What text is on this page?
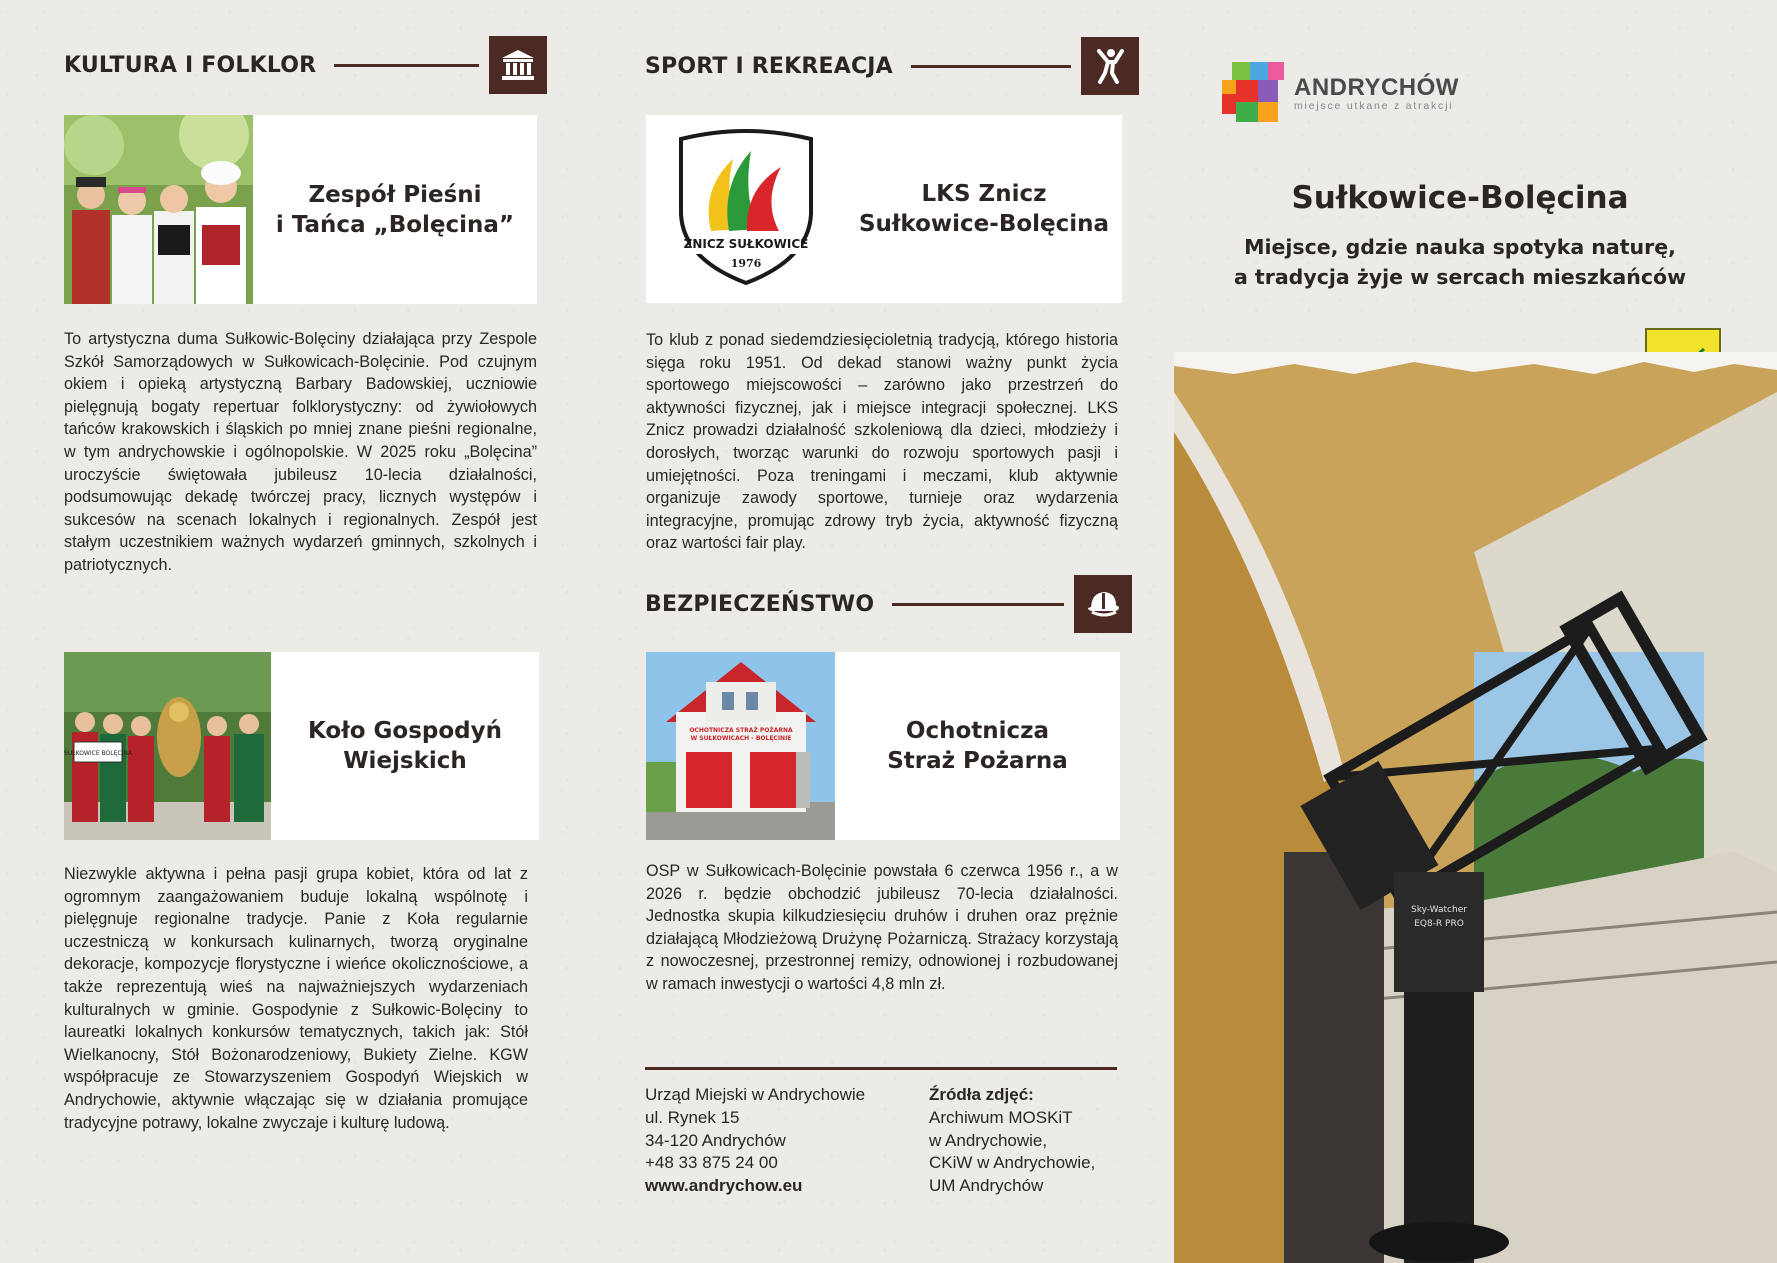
KULTURA I FOLKLOR
Zespół Pieśni
i Tańca „Bolęcina”
To artystyczna duma Sułkowic-Bolęciny działająca przy Zespole Szkół Samorządowych w Sułkowicach-Bolęcinie. Pod czujnym okiem i opieką artystyczną Barbary Badowskiej, uczniowie pielęgnują bogaty repertuar folklorystyczny: od żywiołowych tańców krakowskich i śląskich po mniej znane pieśni regionalne, w tym andrychowskie i ogólnopolskie. W 2025 roku „Bolęcina” uroczyście świętowała jubileusz 10-lecia działalności, podsumowując dekadę twórczej pracy, licznych występów i sukcesów na scenach lokalnych i regionalnych. Zespół jest stałym uczestnikiem ważnych wydarzeń gminnych, szkolnych i patriotycznych.
SUŁKOWICE BOLĘCINA
Koło Gospodyń
Wiejskich
Niezwykle aktywna i pełna pasji grupa kobiet, która od lat z ogromnym zaangażowaniem buduje lokalną wspólnotę i pielęgnuje regionalne tradycje. Panie z Koła regularnie uczestniczą w konkursach kulinarnych, tworzą oryginalne dekoracje, kompozycje florystyczne i wieńce okolicznościowe, a także reprezentują wieś na najważniejszych wydarzeniach kulturalnych w gminie. Gospodynie z Sułkowic-Bolęciny to laureatki lokalnych konkursów tematycznych, takich jak: Stół Wielkanocny, Stół Bożonarodzeniowy, Bukiety Zielne. KGW współpracuje ze Stowarzyszeniem Gospodyń Wiejskich w Andrychowie, aktywnie włączając się w działania promujące tradycyjne potrawy, lokalne zwyczaje i kulturę ludową.
SPORT I REKREACJA
ZNICZ SUŁKOWICE
1976
LKS Znicz
Sułkowice-Bolęcina
To klub z ponad siedemdziesięcioletnią tradycją, którego historia sięga roku 1951. Od dekad stanowi ważny punkt życia sportowego miejscowości – zarówno jako przestrzeń do aktywności fizycznej, jak i miejsce integracji społecznej. LKS Znicz prowadzi działalność szkoleniową dla dzieci, młodzieży i dorosłych, tworząc warunki do rozwoju sportowych pasji i umiejętności. Poza treningami i meczami, klub aktywnie organizuje zawody sportowe, turnieje oraz wydarzenia integracyjne, promując zdrowy tryb życia, aktywność fizyczną oraz wartości fair play.
BEZPIECZEŃSTWO
OCHOTNICZA STRAŻ POŻARNA
W SUŁKOWICACH - BOLĘCINIE	Ochotnicza
Straż Pożarna
OSP w Sułkowicach-Bolęcinie powstała 6 czerwca 1956 r., a w 2026 r. będzie obchodzić jubileusz 70-lecia działalności. Jednostka skupia kilkudziesięciu druhów i druhen oraz prężnie działającą Młodzieżową Drużynę Pożarniczą. Strażacy korzystają z nowoczesnej, przestronnej remizy, odnowionej i rozbudowanej w ramach inwestycji o wartości 4,8 mln zł.
Urząd Miejski w Andrychowie
ul. Rynek 15
34-120 Andrychów
+48 33 875 24 00
www.andrychow.eu
Źródła zdjęć:
Archiwum MOSKiT
w Andrychowie,
CKiW w Andrychowie,
UM Andrychów
ANDRYCHÓW
miejsce utkane z atrakcji
Sułkowice-Bolęcina
Miejsce, gdzie nauka spotyka naturę,
a tradycja żyje w sercach mieszkańców
Sky-Watcher
EQ8-R PRO
